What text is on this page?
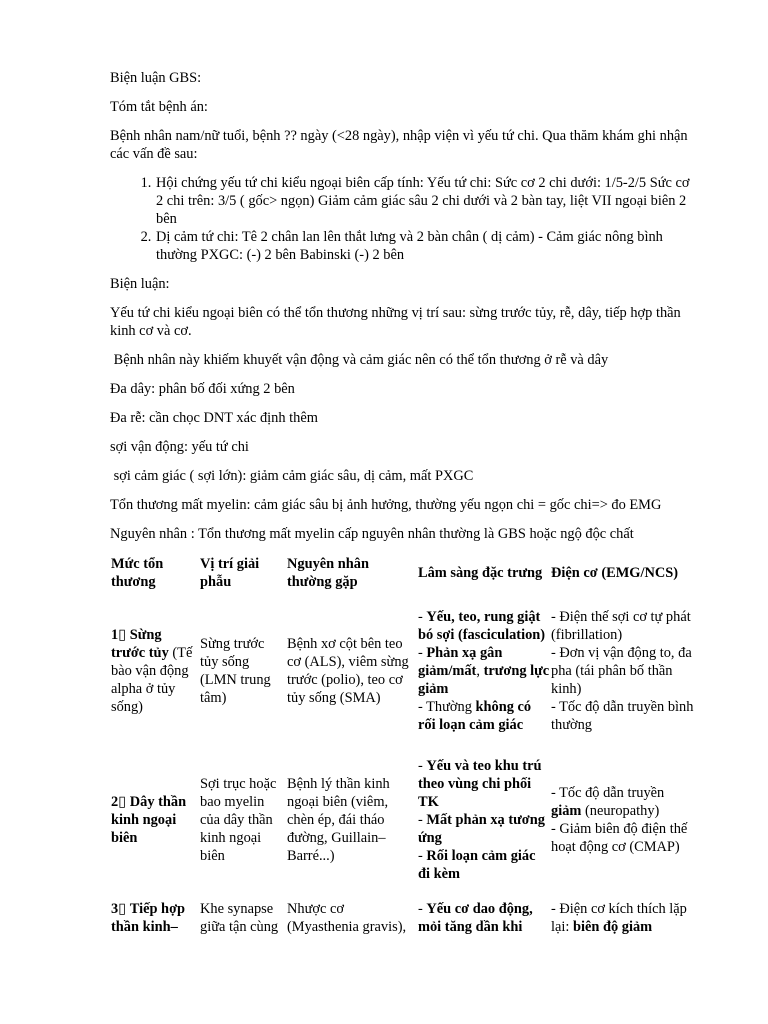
Biện luận GBS:

Tóm tắt bệnh án:

Bệnh nhân nam/nữ tuổi, bệnh ?? ngày (<28 ngày), nhập viện vì yếu tứ chi. Qua thăm khám ghi nhận các vấn đề sau:

1. Hội chứng yếu tứ chi kiểu ngoại biên cấp tính: Yếu tứ chi: Sức cơ 2 chi dưới: 1/5-2/5 Sức cơ 2 chi trên: 3/5 ( gốc> ngọn) Giảm cảm giác sâu 2 chi dưới và 2 bàn tay, liệt VII ngoại biên 2 bên
2. Dị cảm tứ chi: Tê 2 chân lan lên thắt lưng và 2 bàn chân ( dị cảm) - Cảm giác nông bình thường PXGC: (-) 2 bên Babinski (-) 2 bên

Biện luận:

Yếu tứ chi kiểu ngoại biên có thể tổn thương những vị trí sau: sừng trước tủy, rễ, dây, tiếp hợp thần kinh cơ và cơ.

Bệnh nhân này khiếm khuyết vận động và cảm giác nên có thể tổn thương ở rễ và dây

Đa dây: phân bố đối xứng 2 bên

Đa rễ: cần chọc DNT xác định thêm

sợi vận động: yếu tứ chi

sợi cảm giác ( sợi lớn): giảm cảm giác sâu, dị cảm, mất PXGC

Tổn thương mất myelin: cảm giác sâu bị ảnh hưởng, thường yếu ngọn chi = gốc chi=> đo EMG

Nguyên nhân : Tổn thương mất myelin cấp nguyên nhân thường là GBS hoặc ngộ độc chất

Mức tổn thương	Vị trí giải phẫu	Nguyên nhân thường gặp	Lâm sàng đặc trưng	Điện cơ (EMG/NCS)
1▯ Sừng trước tủy (Tế bào vận động alpha ở tủy sống)	Sừng trước tủy sống (LMN trung tâm)	Bệnh xơ cột bên teo cơ (ALS), viêm sừng trước (polio), teo cơ tủy sống (SMA)	- Yếu, teo, rung giật bó sợi (fasciculation)
- Phản xạ gân giảm/mất, trương lực giảm
- Thường không có rối loạn cảm giác	- Điện thế sợi cơ tự phát (fibrillation)
- Đơn vị vận động to, đa pha (tái phân bố thần kinh)
- Tốc độ dẫn truyền bình thường

2▯ Dây thần kinh ngoại biên	Sợi trục hoặc bao myelin của dây thần kinh ngoại biên	Bệnh lý thần kinh ngoại biên (viêm, chèn ép, đái tháo đường, Guillain–Barré...)	- Yếu và teo khu trú theo vùng chi phối TK
- Mất phản xạ tương ứng
- Rối loạn cảm giác đi kèm	- Tốc độ dẫn truyền giảm (neuropathy)
- Giảm biên độ điện thế hoạt động cơ (CMAP)

3▯ Tiếp hợp thần kinh–	Khe synapse giữa tận cùng	Nhược cơ (Myasthenia gravis),	- Yếu cơ dao động, mỏi tăng dần khi	- Điện cơ kích thích lặp lại: biên độ giảm
